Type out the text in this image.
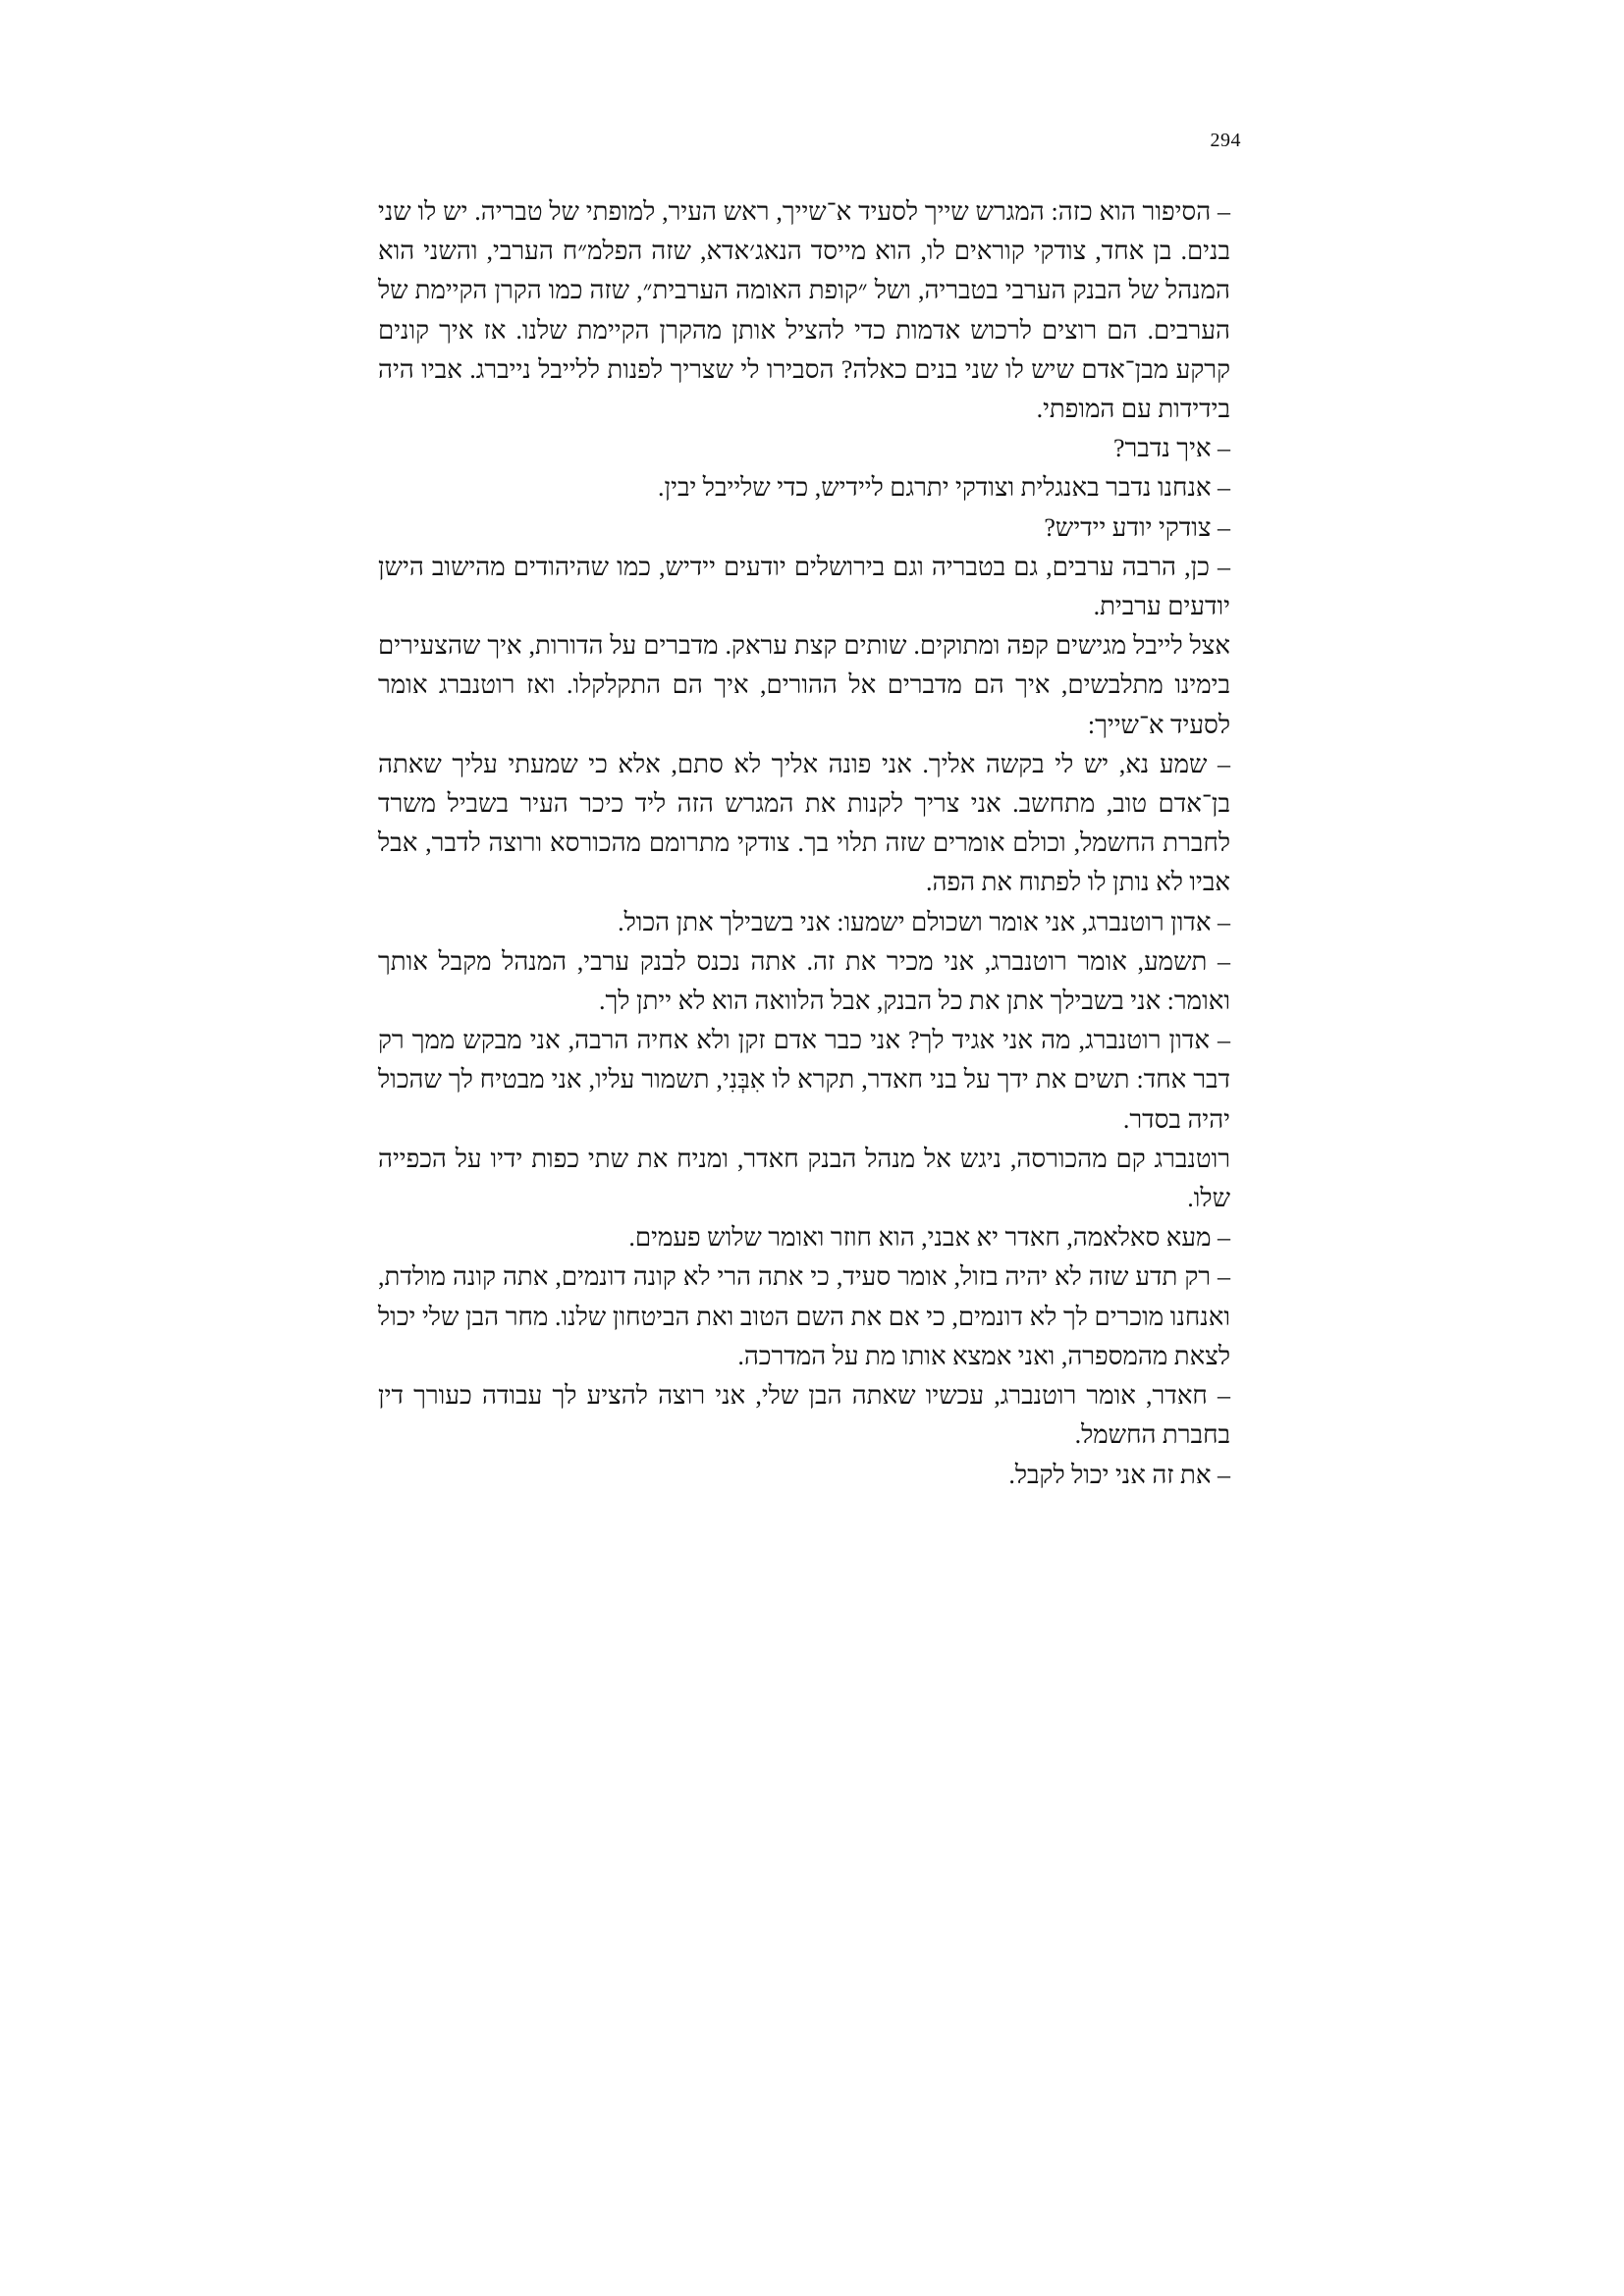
294

– הסיפור הוא כזה: המגרש שייך לסעיד א־שייך, ראש העיר, למופתי של טבריה. יש לו שני בנים. בן אחד, צודקי קוראים לו, הוא מייסד הנאג׳אדא, שזה הפלמ״ח הערבי, והשני הוא המנהל של הבנק הערבי בטבריה, ושל ״קופת האומה הערבית״, שזה כמו הקרן הקיימת של הערבים. הם רוצים לרכוש אדמות כדי להציל אותן מהקרן הקיימת שלנו. אז איך קונים קרקע מבן־אדם שיש לו שני בנים כאלה? הסבירו לי שצריך לפנות ללייבל נייברג. אביו היה בידידות עם המופתי.

– איך נדבר?

– אנחנו נדבר באנגלית וצודקי יתרגם ליידיש, כדי שלייבל יבין.

– צודקי יודע יידיש?

– כן, הרבה ערבים, גם בטבריה וגם בירושלים יודעים יידיש, כמו שהיהודים מהישוב הישן יודעים ערבית.

אצל לייבל מגישים קפה ומתוקים. שותים קצת עראק. מדברים על הדורות, איך שהצעירים בימינו מתלבשים, איך הם מדברים אל ההורים, איך הם התקלקלו. ואז רוטנברג אומר לסעיד א־שייך:

– שמע נא, יש לי בקשה אליך. אני פונה אליך לא סתם, אלא כי שמעתי עליך שאתה בן־אדם טוב, מתחשב. אני צריך לקנות את המגרש הזה ליד כיכר העיר בשביל משרד לחברת החשמל, וכולם אומרים שזה תלוי בך. צודקי מתרומם מהכורסא ורוצה לדבר, אבל אביו לא נותן לו לפתוח את הפה.

– אדון רוטנברג, אני אומר ושכולם ישמעו: אני בשבילך אתן הכול.

– תשמע, אומר רוטנברג, אני מכיר את זה. אתה נכנס לבנק ערבי, המנהל מקבל אותך ואומר: אני בשבילך אתן את כל הבנק, אבל הלוואה הוא לא ייתן לך.

– אדון רוטנברג, מה אני אגיד לך? אני כבר אדם זקן ולא אחיה הרבה, אני מבקש ממך רק דבר אחד: תשים את ידך על בני חאדר, תקרא לו אִבְּנִי, תשמור עליו, אני מבטיח לך שהכול יהיה בסדר.

רוטנברג קם מהכורסה, ניגש אל מנהל הבנק חאדר, ומניח את שתי כפות ידיו על הכפייה שלו.

– מעא סאלאמה, חאדר יא אבני, הוא חוזר ואומר שלוש פעמים.

– רק תדע שזה לא יהיה בזול, אומר סעיד, כי אתה הרי לא קונה דונמים, אתה קונה מולדת, ואנחנו מוכרים לך לא דונמים, כי אם את השם הטוב ואת הביטחון שלנו. מחר הבן שלי יכול לצאת מהמספרה, ואני אמצא אותו מת על המדרכה.

– חאדר, אומר רוטנברג, עכשיו שאתה הבן שלי, אני רוצה להציע לך עבודה כעורך דין בחברת החשמל.

– את זה אני יכול לקבל.
